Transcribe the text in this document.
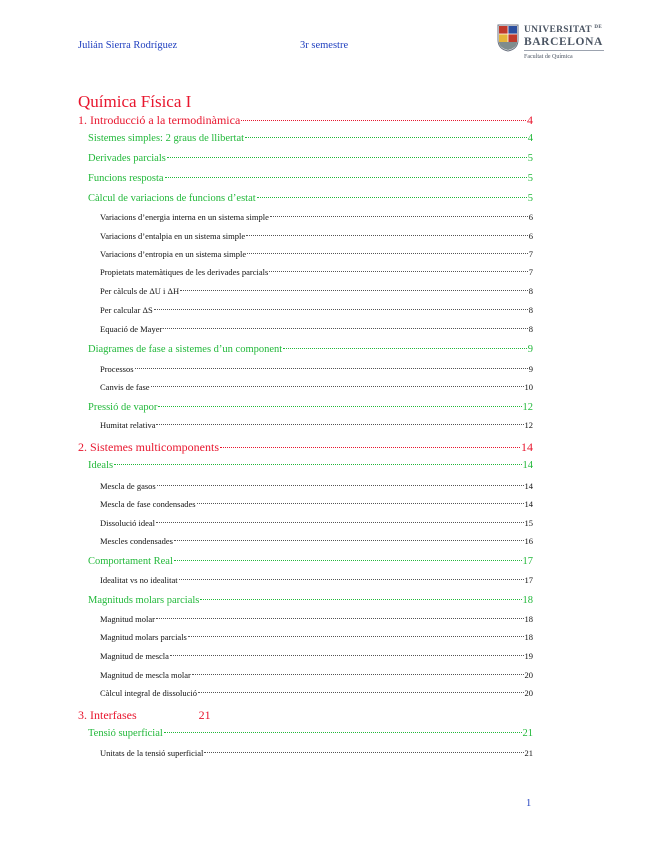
Julián Sierra Rodríguez	3r semestre
UNIVERSITAT $^{DE}$
BARCELONA
Facultat de Química
Química Física I
1. Introducció a la termodinàmica	4
Sistemes simples: 2 graus de llibertat	4
Derivades parcials	5
Funcions resposta	5
Càlcul de variacions de funcions d’estat	5
Variacions d’energia interna en un sistema simple	6
Variacions d’entalpia en un sistema simple	6
Variacions d’entropia en un sistema simple	7
Propietats matemàtiques de les derivades parcials	7
Per càlculs de ΔU i ΔH	8
Per calcular ΔS	8
Equació de Mayer	8
Diagrames de fase a sistemes d’un component	9
Processos	9
Canvis de fase	10
Pressió de vapor	12
Humitat relativa	12
2. Sistemes multicomponents	14
Ideals	14
Mescla de gasos	14
Mescla de fase condensades	14
Dissolució ideal	15
Mescles condensades	16
Comportament Real	17
Idealitat vs no idealitat	17
Magnituds molars parcials	18
Magnitud molar	18
Magnitud molars parcials	18
Magnitud de mescla	19
Magnitud de mescla molar	20
Càlcul integral de dissolució	20
3. Interfases	21
Tensió superficial	21
Unitats de la tensió superficial	21
1
